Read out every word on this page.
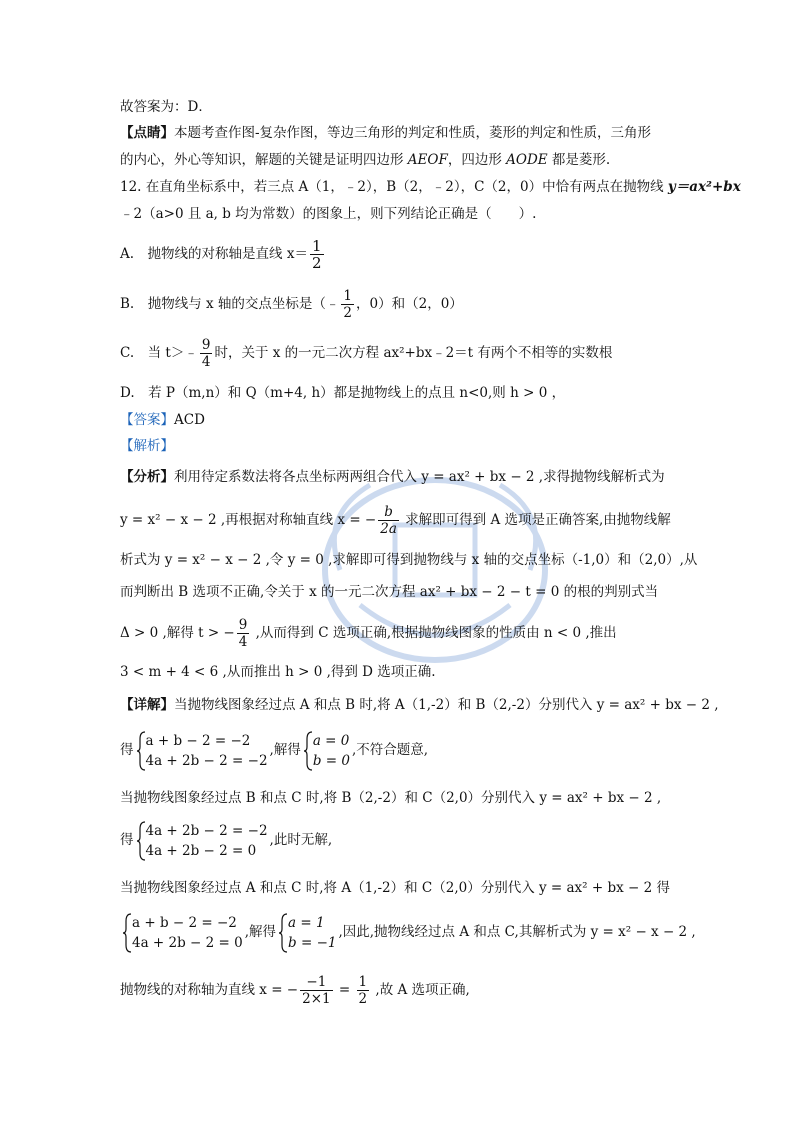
故答案为：D．
【点睛】本题考查作图-复杂作图，等边三角形的判定和性质，菱形的判定和性质，三角形
的内心，外心等知识，解题的关键是证明四边形 AEOF，四边形 AODE 都是菱形.
12. 在直角坐标系中，若三点 A（1，﹣2），B（2，﹣2），C（2，0）中恰有两点在抛物线 y＝ax²+bx
﹣2（a>0 且 a, b 均为常数）的图象上，则下列结论正确是（　　）.
A.　抛物线的对称轴是直线 $x= \frac{1}{2}$
B.　抛物线与 x 轴的交点坐标是（﹣ $\frac{1}{2}$ ，0）和（2，0）
C.　当 t＞﹣ $\frac{9}{4}$ 时，关于 x 的一元二次方程 ax²+bx﹣2＝t 有两个不相等的实数根
D.　若 P（m,n）和 Q（m+4, h）都是抛物线上的点且 n<0,则 h > 0 ，
【答案】ACD
【解析】
【分析】利用待定系数法将各点坐标两两组合代入 y = ax² + bx − 2 ,求得抛物线解析式为
y = x² − x − 2 ,再根据对称轴直线 x = − $\frac{b}{2a}$ 求解即可得到 A 选项是正确答案,由抛物线解
析式为 y = x² − x − 2 ,令 y = 0 ,求解即可得到抛物线与 x 轴的交点坐标（-1,0）和（2,0）,从
而判断出 B 选项不正确,令关于 x 的一元二次方程 ax² + bx − 2 − t = 0 的根的判别式当
Δ > 0 ,解得 t > − $\frac{9}{4}$ ,从而得到 C 选项正确,根据抛物线图象的性质由 n < 0 ,推出
3 < m + 4 < 6 ,从而推出 h > 0 ,得到 D 选项正确.
【详解】当抛物线图象经过点 A 和点 B 时,将 A（1,-2）和 B（2,-2）分别代入 y = ax² + bx − 2 ,
得
a + b − 2 = −2
4a + 2b − 2 = −2
,解得
a = 0
b = 0
,不符合题意,
当抛物线图象经过点 B 和点 C 时,将 B（2,-2）和 C（2,0）分别代入 y = ax² + bx − 2 ,
得
4a + 2b − 2 = −2
4a + 2b − 2 = 0
,此时无解,
当抛物线图象经过点 A 和点 C 时,将 A（1,-2）和 C（2,0）分别代入 y = ax² + bx − 2 得
a + b − 2 = −2
4a + 2b − 2 = 0
,解得
a = 1
b = −1
,因此,抛物线经过点 A 和点 C,其解析式为 y = x² − x − 2 ,
抛物线的对称轴为直线 x = − $\frac{-1}{2\times 1} = \frac{1}{2}$ ,故 A 选项正确,
